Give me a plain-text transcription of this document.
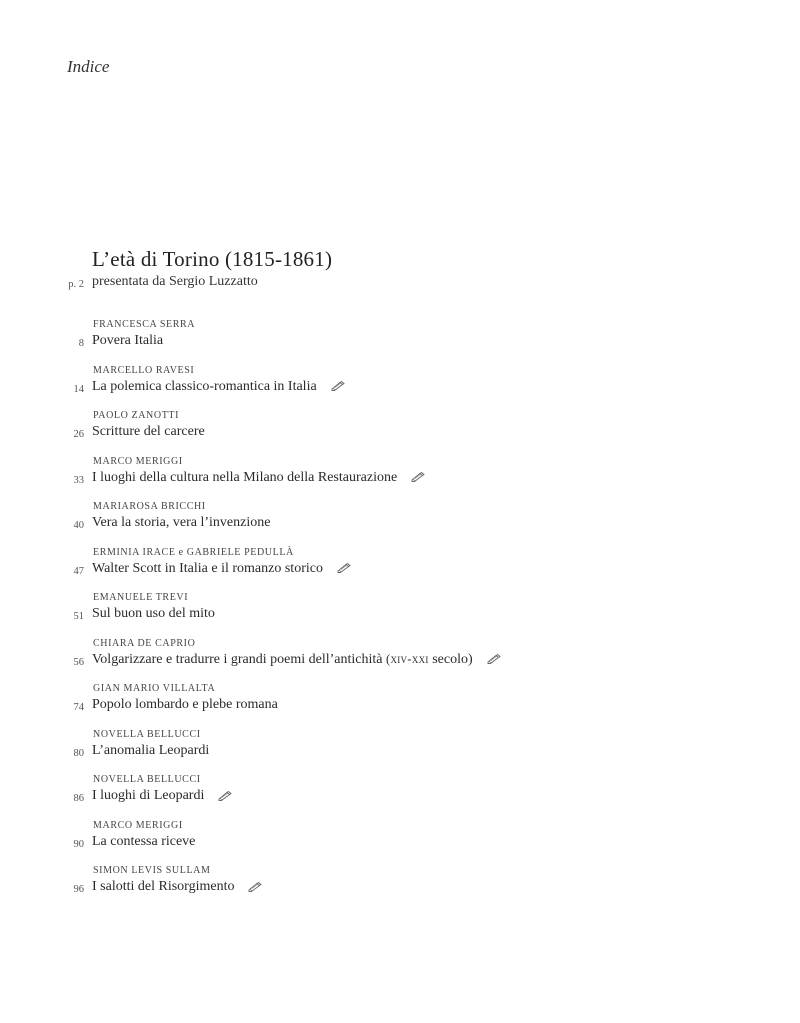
Indice
L’età di Torino (1815-1861)
p. 2 presentata da Sergio Luzzatto
FRANCESCA SERRA
8 Povera Italia
MARCELLO RAVESI
14 La polemica classico-romantica in Italia
PAOLO ZANOTTI
26 Scritture del carcere
MARCO MERIGGI
33 I luoghi della cultura nella Milano della Restaurazione
MARIAROSA BRICCHI
40 Vera la storia, vera l’invenzione
ERMINIA IRACE e GABRIELE PEDULLÀ
47 Walter Scott in Italia e il romanzo storico
EMANUELE TREVI
51 Sul buon uso del mito
CHIARA DE CAPRIO
56 Volgarizzare e tradurre i grandi poemi dell’antichità (xiv-xxi secolo)
GIAN MARIO VILLALTA
74 Popolo lombardo e plebe romana
NOVELLA BELLUCCI
80 L’anomalia Leopardi
NOVELLA BELLUCCI
86 I luoghi di Leopardi
MARCO MERIGGI
90 La contessa riceve
SIMON LEVIS SULLAM
96 I salotti del Risorgimento
